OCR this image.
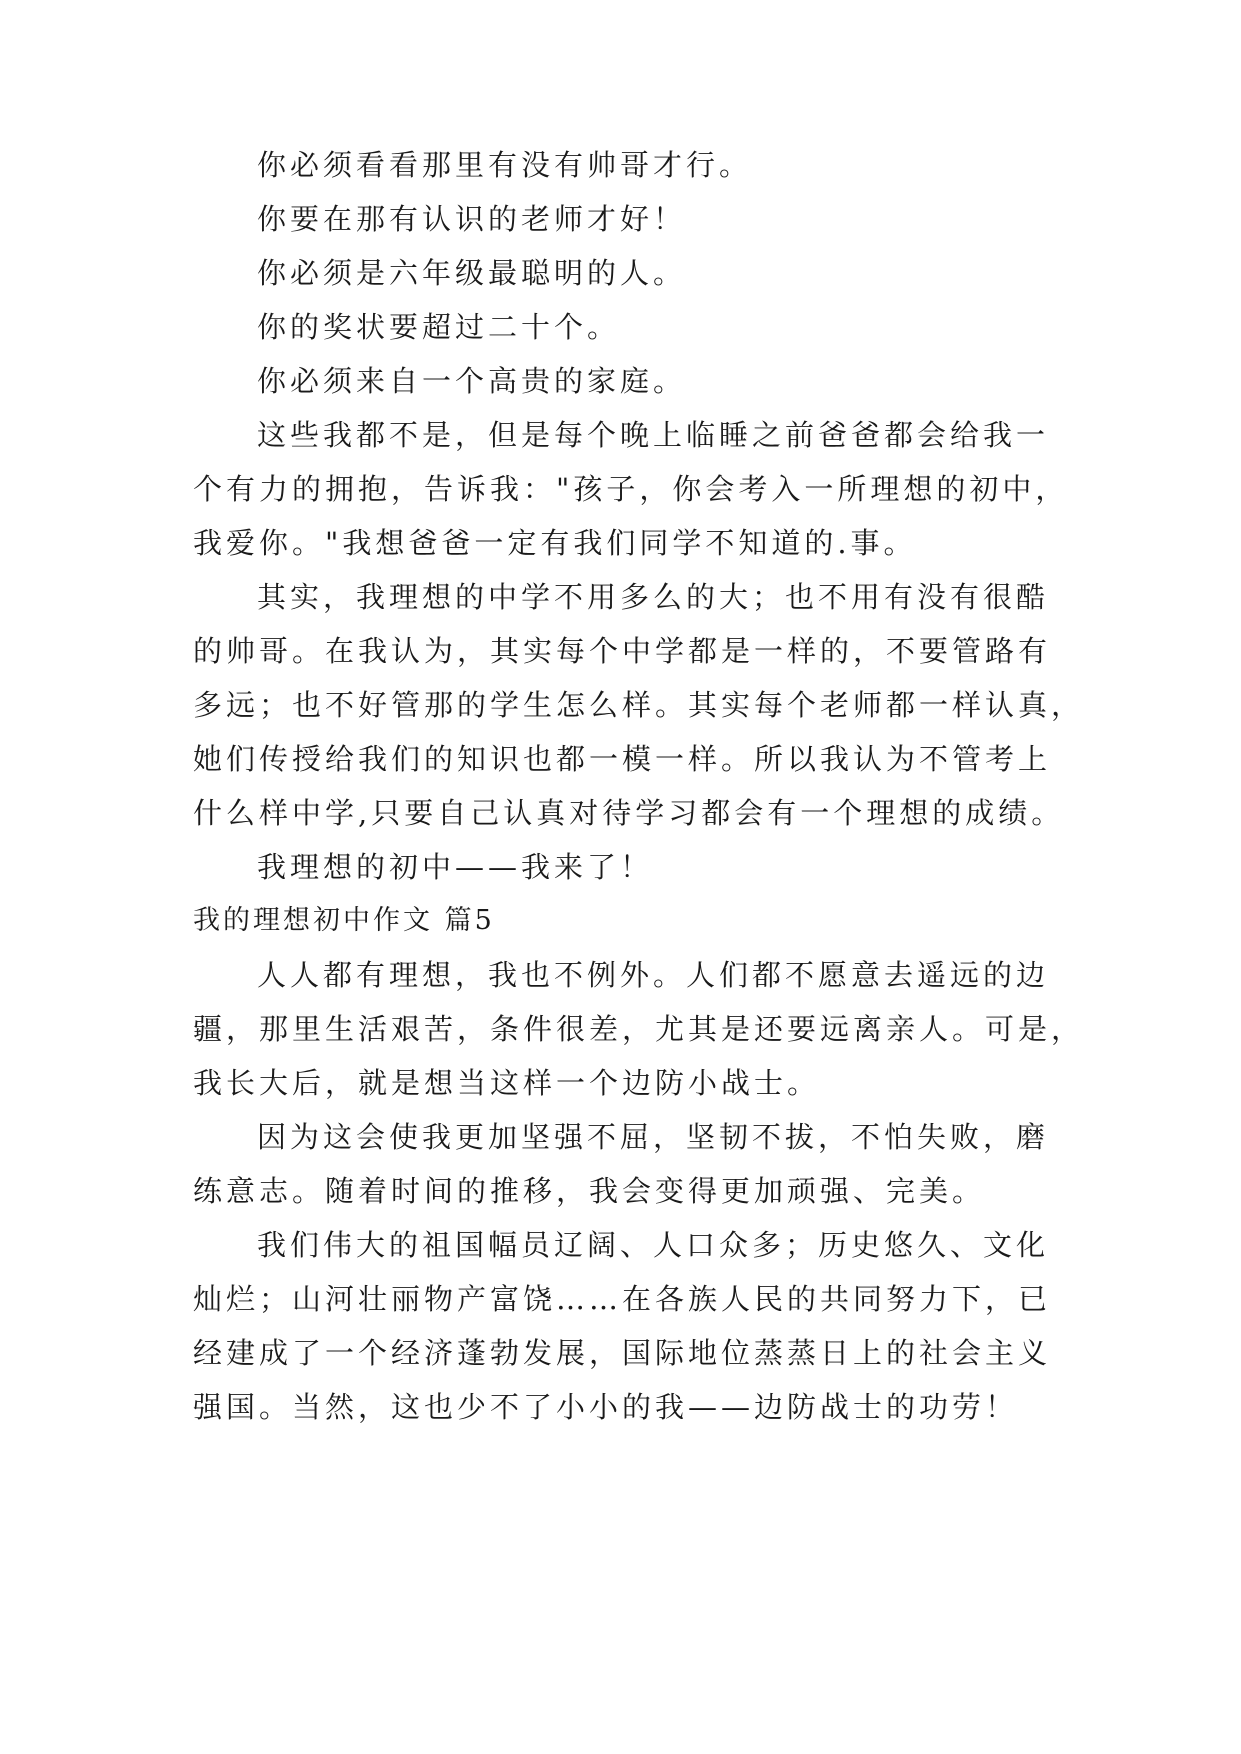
你必须看看那里有没有帅哥才行。
你要在那有认识的老师才好！
你必须是六年级最聪明的人。
你的奖状要超过二十个。
你必须来自一个高贵的家庭。
这些我都不是，但是每个晚上临睡之前爸爸都会给我一
个有力的拥抱，告诉我："孩子，你会考入一所理想的初中，
我爱你。"我想爸爸一定有我们同学不知道的.事。
其实，我理想的中学不用多么的大；也不用有没有很酷
的帅哥。在我认为，其实每个中学都是一样的，不要管路有
多远；也不好管那的学生怎么样。其实每个老师都一样认真，
她们传授给我们的知识也都一模一样。所以我认为不管考上
什么样中学,只要自己认真对待学习都会有一个理想的成绩。
我理想的初中——我来了！
我的理想初中作文 篇5
人人都有理想，我也不例外。人们都不愿意去遥远的边
疆，那里生活艰苦，条件很差，尤其是还要远离亲人。可是，
我长大后，就是想当这样一个边防小战士。
因为这会使我更加坚强不屈，坚韧不拔，不怕失败，磨
练意志。随着时间的推移，我会变得更加顽强、完美。
我们伟大的祖国幅员辽阔、人口众多；历史悠久、文化
灿烂；山河壮丽物产富饶……在各族人民的共同努力下，已
经建成了一个经济蓬勃发展，国际地位蒸蒸日上的社会主义
强国。当然，这也少不了小小的我——边防战士的功劳！
